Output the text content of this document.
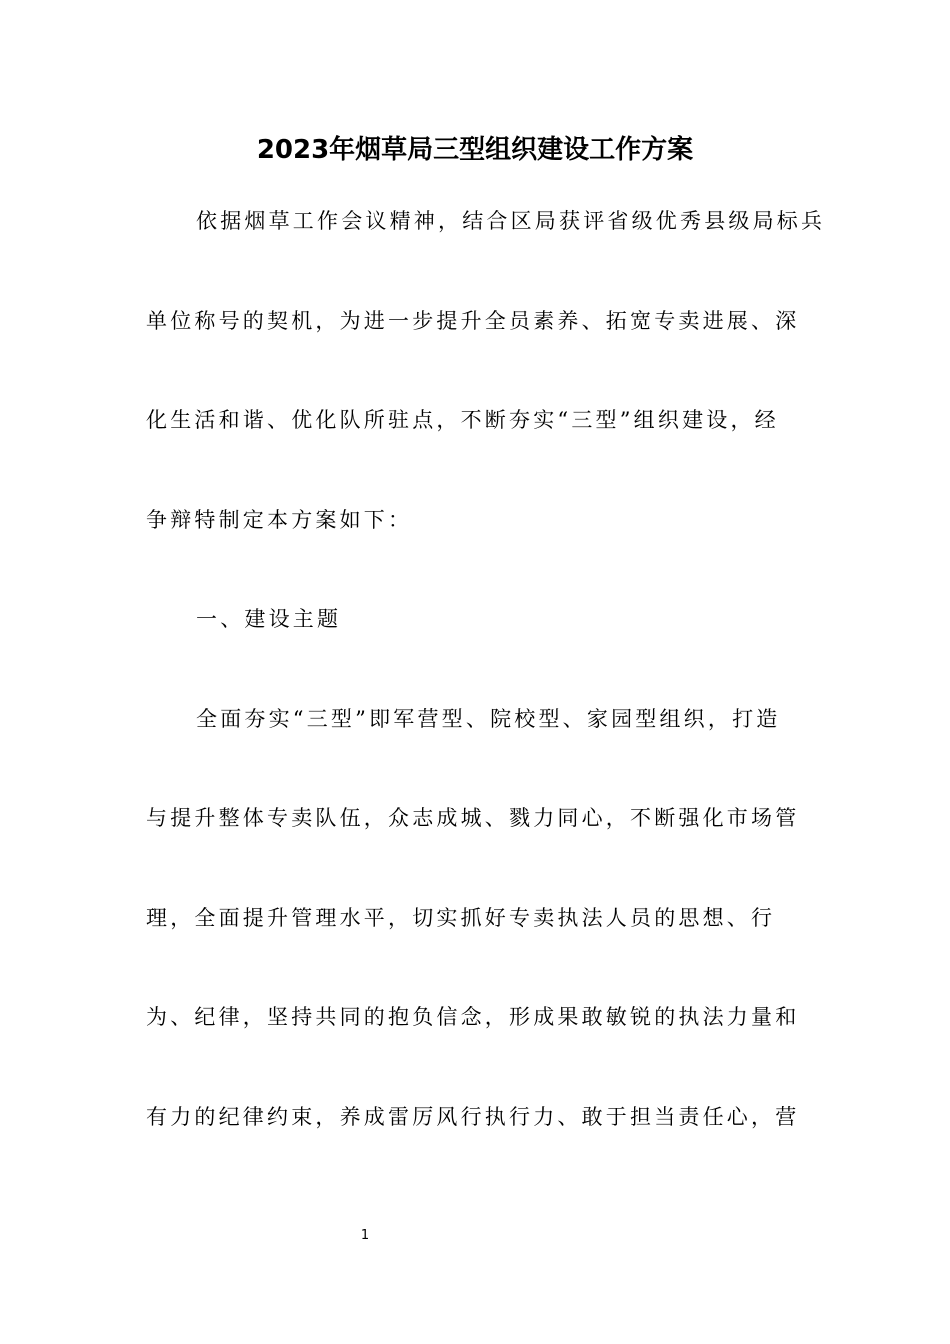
2023年烟草局三型组织建设工作方案

依据烟草工作会议精神，结合区局获评省级优秀县级局标兵

单位称号的契机，为进一步提升全员素养、拓宽专卖进展、深

化生活和谐、优化队所驻点，不断夯实“三型”组织建设，经

争辩特制定本方案如下：

一、建设主题

全面夯实“三型”即军营型、院校型、家园型组织，打造

与提升整体专卖队伍，众志成城、戮力同心，不断强化市场管

理，全面提升管理水平，切实抓好专卖执法人员的思想、行

为、纪律，坚持共同的抱负信念，形成果敢敏锐的执法力量和

有力的纪律约束，养成雷厉风行执行力、敢于担当责任心，营

1
